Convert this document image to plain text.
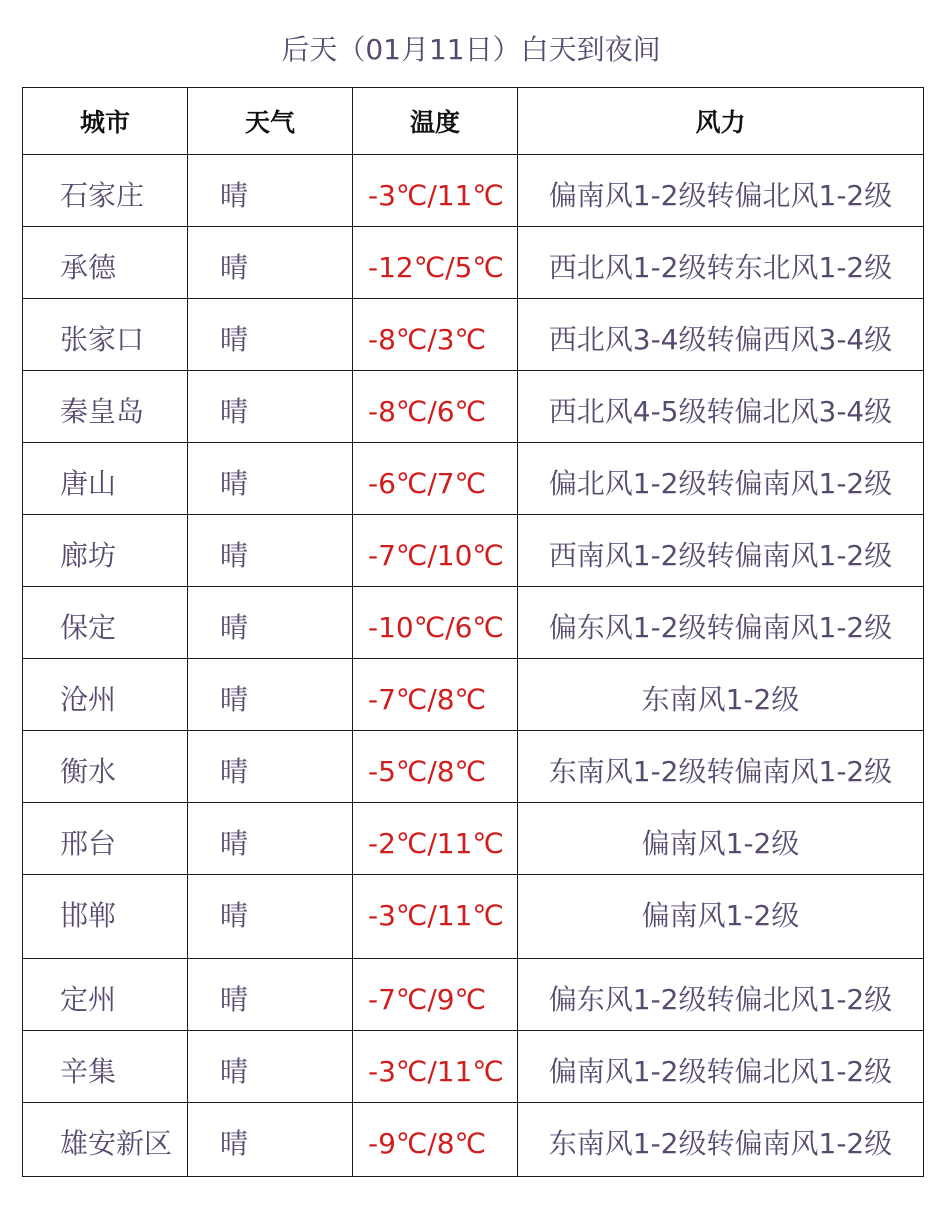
后天（01月11日）白天到夜间
城市	天气	温度	风力

石家庄	晴	-3℃/11℃	偏南风1-2级转偏北风1-2级

承德	晴	-12℃/5℃	西北风1-2级转东北风1-2级

张家口	晴	-8℃/3℃	西北风3-4级转偏西风3-4级

秦皇岛	晴	-8℃/6℃	西北风4-5级转偏北风3-4级

唐山	晴	-6℃/7℃	偏北风1-2级转偏南风1-2级

廊坊	晴	-7℃/10℃	西南风1-2级转偏南风1-2级

保定	晴	-10℃/6℃	偏东风1-2级转偏南风1-2级

沧州	晴	-7℃/8℃	东南风1-2级

衡水	晴	-5℃/8℃	东南风1-2级转偏南风1-2级

邢台	晴	-2℃/11℃	偏南风1-2级

邯郸	晴	-3℃/11℃	偏南风1-2级

定州	晴	-7℃/9℃	偏东风1-2级转偏北风1-2级

辛集	晴	-3℃/11℃	偏南风1-2级转偏北风1-2级

雄安新区	晴	-9℃/8℃	东南风1-2级转偏南风1-2级
